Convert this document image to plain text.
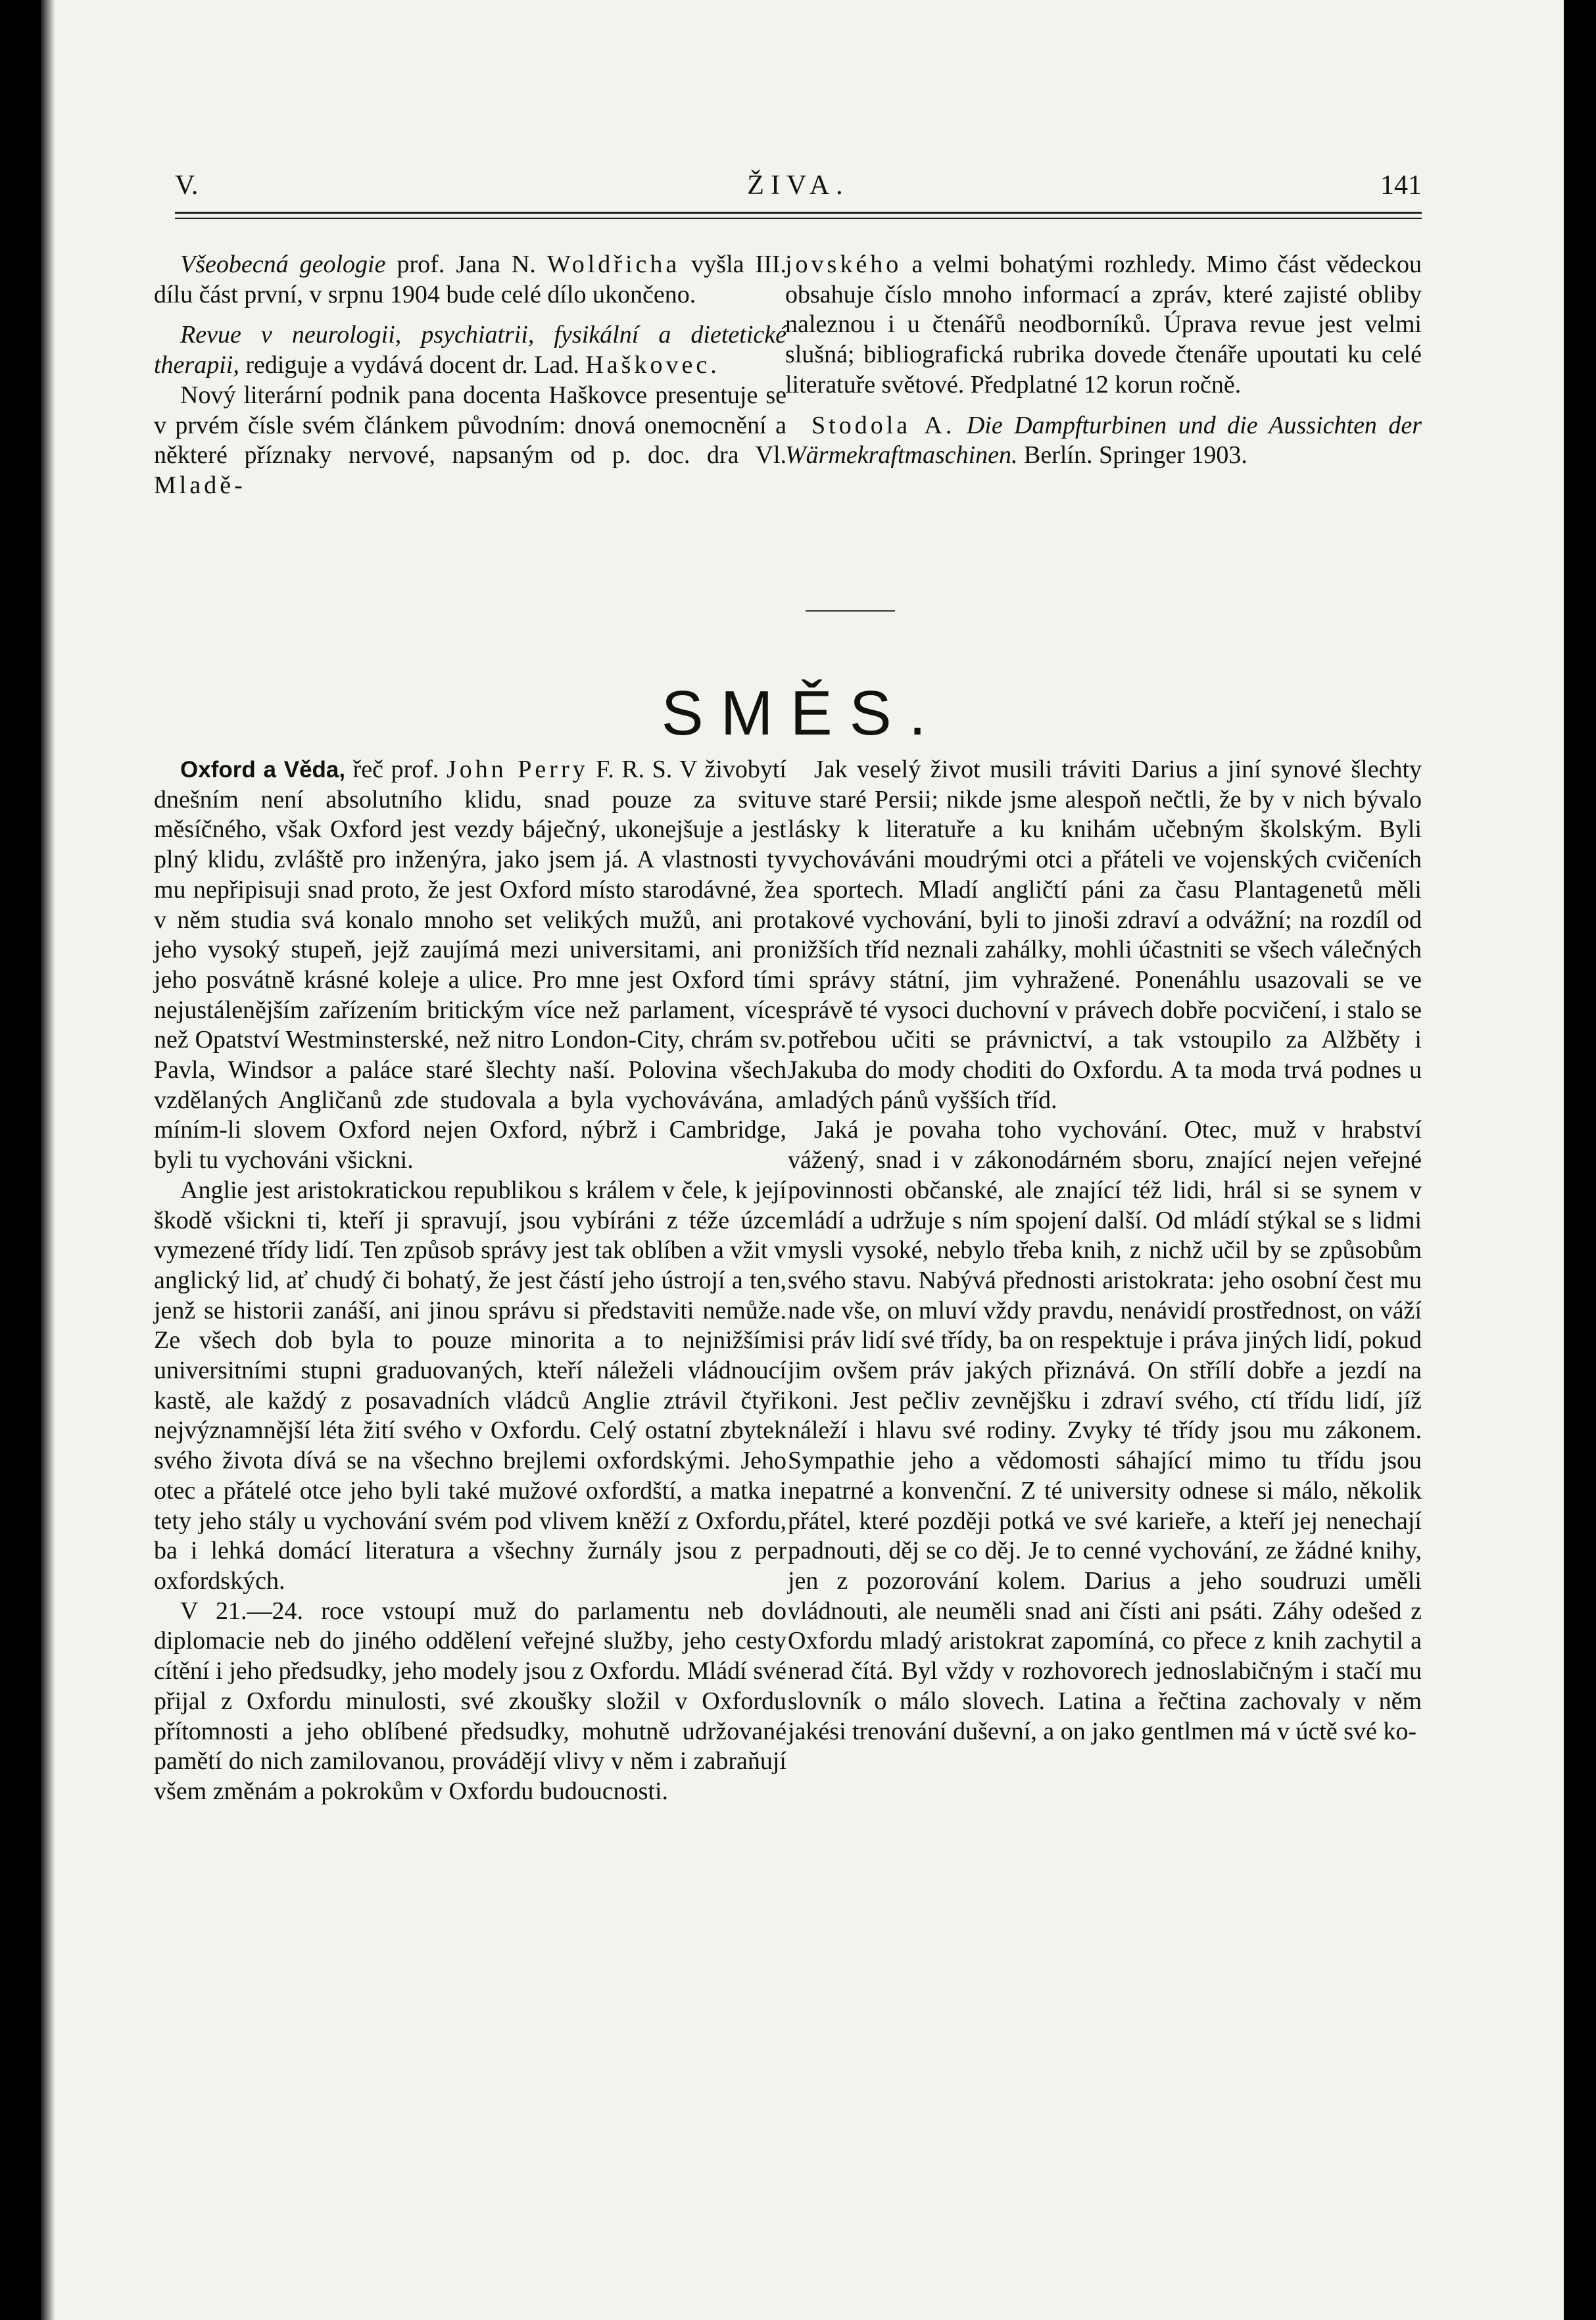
V.	ŽIVA.	141

Všeobecná geologie prof. Jana N. Woldřicha vyšla III. dílu část první, v srpnu 1904 bude celé dílo ukončeno.

Revue v neurologii, psychiatrii, fysikální a dietetické therapii, rediguje a vydává docent dr. Lad. Haškovec.

Nový literární podnik pana docenta Haškovce presentuje se v prvém čísle svém článkem původním: dnová onemocnění a některé příznaky nervové, napsaným od p. doc. dra Vl. Mladě-

jovského a velmi bohatými rozhledy. Mimo část vědeckou obsahuje číslo mnoho informací a zpráv, které zajisté obliby naleznou i u čtenářů neodborníků. Úprava revue jest velmi slušná; bibliografická rubrika dovede čtenáře upoutati ku celé literatuře světové. Předplatné 12 korun ročně.

Stodola A. Die Dampfturbinen und die Aussichten der Wärmekraftmaschinen. Berlín. Springer 1903.

SMĚS.

Oxford a Věda, řeč prof. John Perry F. R. S. V živobytí dnešním není absolutního klidu, snad pouze za svitu měsíčného, však Oxford jest vezdy báječný, ukonejšuje a jest plný klidu, zvláště pro inženýra, jako jsem já. A vlastnosti ty mu nepřipisuji snad proto, že jest Oxford místo starodávné, že v něm studia svá konalo mnoho set velikých mužů, ani pro jeho vysoký stupeň, jejž zaujímá mezi universitami, ani pro jeho posvátně krásné koleje a ulice. Pro mne jest Oxford tím nejustálenějším zařízením britickým více než parlament, více než Opatství Westminsterské, než nitro London-City, chrám sv. Pavla, Windsor a paláce staré šlechty naší. Polovina všech vzdělaných Angličanů zde studovala a byla vychovávána, a míním-li slovem Oxford nejen Oxford, nýbrž i Cambridge, byli tu vychováni všickni.

Anglie jest aristokratickou republikou s králem v čele, k její škodě všickni ti, kteří ji spravují, jsou vybíráni z téže úzce vymezené třídy lidí. Ten způsob správy jest tak oblíben a vžit v anglický lid, ať chudý či bohatý, že jest částí jeho ústrojí a ten, jenž se historii zanáší, ani jinou správu si představiti nemůže. Ze všech dob byla to pouze minorita a to nejnižšími universitními stupni graduovaných, kteří náleželi vládnoucí kastě, ale každý z posavadních vládců Anglie ztrávil čtyři nejvýznamnější léta žití svého v Oxfordu. Celý ostatní zbytek svého života dívá se na všechno brejlemi oxfordskými. Jeho otec a přátelé otce jeho byli také mužové oxfordští, a matka i tety jeho stály u vychování svém pod vlivem kněží z Oxfordu, ba i lehká domácí literatura a všechny žurnály jsou z per oxfordských.

V 21.—24. roce vstoupí muž do parlamentu neb do diplomacie neb do jiného oddělení veřejné služby, jeho cesty cítění i jeho předsudky, jeho modely jsou z Oxfordu. Mládí své přijal z Oxfordu minulosti, své zkoušky složil v Oxfordu přítomnosti a jeho oblíbené předsudky, mohutně udržované pamětí do nich zamilovanou, provádějí vlivy v něm i zabraňují všem změnám a pokrokům v Oxfordu budoucnosti.

Jak veselý život musili tráviti Darius a jiní synové šlechty ve staré Persii; nikde jsme alespoň nečtli, že by v nich bývalo lásky k literatuře a ku knihám učebným školským. Byli vychováváni moudrými otci a přáteli ve vojenských cvičeních a sportech. Mladí angličtí páni za času Plantagenetů měli takové vychování, byli to jinoši zdraví a odvážní; na rozdíl od nižších tříd neznali zahálky, mohli účastniti se všech válečných i správy státní, jim vyhražené. Ponenáhlu usazovali se ve správě té vysoci duchovní v právech dobře pocvičení, i stalo se potřebou učiti se právnictví, a tak vstoupilo za Alžběty i Jakuba do mody choditi do Oxfordu. A ta moda trvá podnes u mladých pánů vyšších tříd.

Jaká je povaha toho vychování. Otec, muž v hrabství vážený, snad i v zákonodárném sboru, znající nejen veřejné povinnosti občanské, ale znající též lidi, hrál si se synem v mládí a udržuje s ním spojení další. Od mládí stýkal se s lidmi mysli vysoké, nebylo třeba knih, z nichž učil by se způsobům svého stavu. Nabývá přednosti aristokrata: jeho osobní čest mu nade vše, on mluví vždy pravdu, nenávidí prostřednost, on váží si práv lidí své třídy, ba on respektuje i práva jiných lidí, pokud jim ovšem práv jakých přiznává. On střílí dobře a jezdí na koni. Jest pečliv zevnějšku i zdraví svého, ctí třídu lidí, jíž náleží i hlavu své rodiny. Zvyky té třídy jsou mu zákonem. Sympathie jeho a vědomosti sáhající mimo tu třídu jsou nepatrné a konvenční. Z té university odnese si málo, několik přátel, které později potká ve své karieře, a kteří jej nenechají padnouti, děj se co děj. Je to cenné vychování, ze žádné knihy, jen z pozorování kolem. Darius a jeho soudruzi uměli vládnouti, ale neuměli snad ani čísti ani psáti. Záhy odešed z Oxfordu mladý aristokrat zapomíná, co přece z knih zachytil a nerad čítá. Byl vždy v rozhovorech jednoslabičným i stačí mu slovník o málo slovech. Latina a řečtina zachovaly v něm jakési trenování duševní, a on jako gentlmen má v úctě své ko-
